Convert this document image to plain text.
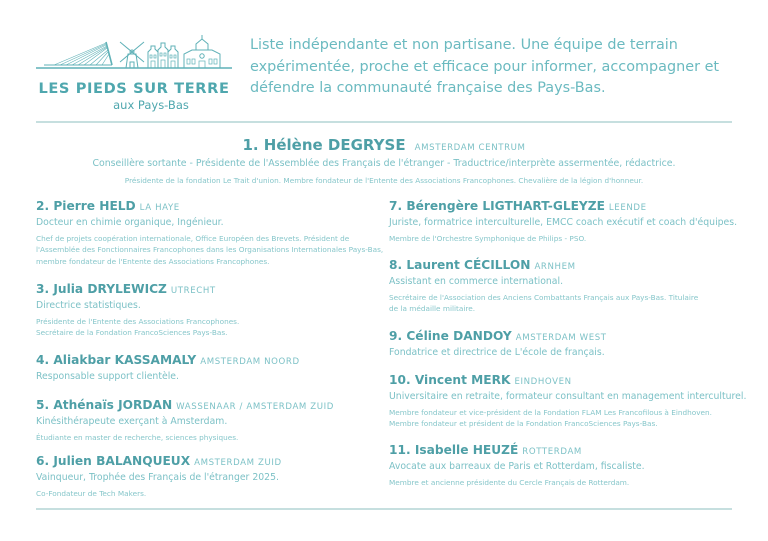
LES PIEDS SUR TERRE
aux Pays-Bas
Liste indépendante et non partisane. Une équipe de terrain expérimentée, proche et efficace pour informer, accompagner et défendre la communauté française des Pays-Bas.
1. Hélène DEGRYSE AMSTERDAM CENTRUM
Conseillère sortante - Présidente de l'Assemblée des Français de l'étranger - Traductrice/interprète assermentée, rédactrice.
Présidente de la fondation Le Trait d'union. Membre fondateur de l'Entente des Associations Francophones. Chevalière de la légion d'honneur.
2. Pierre HELD LA HAYE
Docteur en chimie organique, Ingénieur.
Chef de projets coopération internationale, Office Européen des Brevets. Président de l'Assemblée des Fonctionnaires Francophones dans les Organisations Internationales Pays-Bas, membre fondateur de l'Entente des Associations Francophones.
3. Julia DRYLEWICZ UTRECHT
Directrice statistiques.
Présidente de l'Entente des Associations Francophones. Secrétaire de la Fondation FrancoSciences Pays-Bas.
4. Aliakbar KASSAMALY AMSTERDAM NOORD
Responsable support clientèle.
5. Athénaïs JORDAN WASSENAAR / AMSTERDAM ZUID
Kinésithérapeute exerçant à Amsterdam.
Étudiante en master de recherche, sciences physiques.
6. Julien BALANQUEUX AMSTERDAM ZUID
Vainqueur, Trophée des Français de l'étranger 2025.
Co-Fondateur de Tech Makers.
7. Bérengère LIGTHART-GLEYZE LEENDE
Juriste, formatrice interculturelle, EMCC coach exécutif et coach d'équipes.
Membre de l'Orchestre Symphonique de Philips - PSO.
8. Laurent CÉCILLON ARNHEM
Assistant en commerce international.
Secrétaire de l'Association des Anciens Combattants Français aux Pays-Bas. Titulaire de la médaille militaire.
9. Céline DANDOY AMSTERDAM WEST
Fondatrice et directrice de L'école de français.
10. Vincent MERK EINDHOVEN
Universitaire en retraite, formateur consultant en management interculturel.
Membre fondateur et vice-président de la Fondation FLAM Les Francofilous à Eindhoven. Membre fondateur et président de la Fondation FrancoSciences Pays-Bas.
11. Isabelle HEUZÉ ROTTERDAM
Avocate aux barreaux de Paris et Rotterdam, fiscaliste.
Membre et ancienne présidente du Cercle Français de Rotterdam.
